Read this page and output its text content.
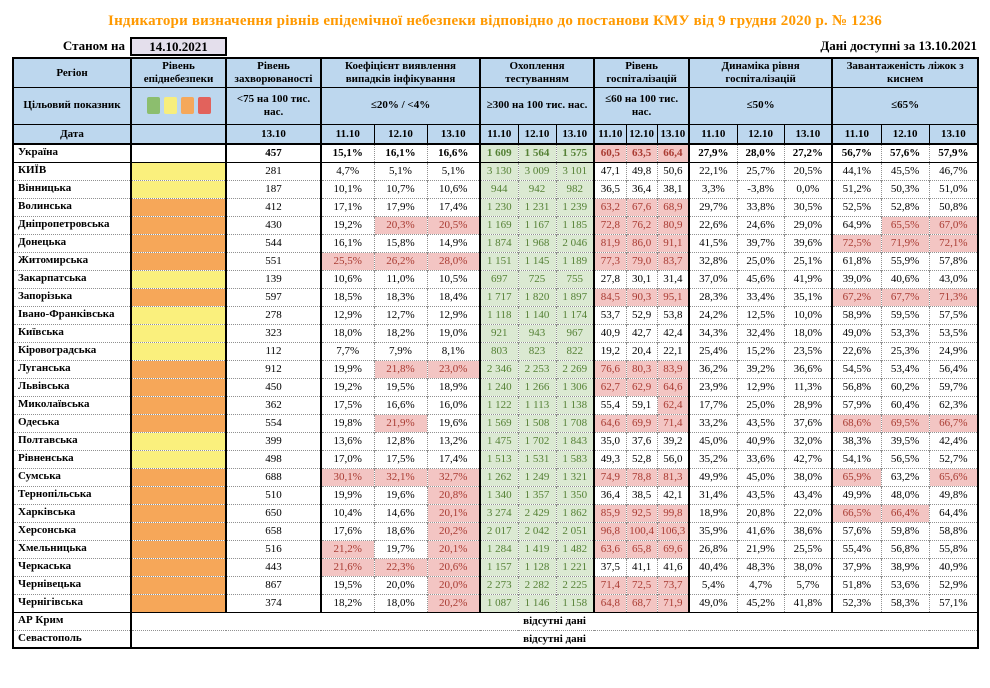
Індикатори визначення рівнів епідемічної небезпеки відповідно до постанови КМУ від 9 грудня 2020 р. № 1236
Станом на	14.10.2021	Дані доступні за 13.10.2021
Регіон	Рівень епіднебезпеки	Рівень захворюваності	Коефіцієнт виявлення випадків інфікування			Охоплення тестуванням			Рівень госпіталізацій			Динаміка рівня госпіталізацій			Завантаженість ліжок з киснем		
Цільовий показник		<75 на 100 тис. нас.	≤20% / <4%			≥300 на 100 тис. нас.			≤60 на 100 тис. нас.			≤50%			≤65%		
Дата		13.10	11.10	12.10	13.10	11.10	12.10	13.10	11.10	12.10	13.10	11.10	12.10	13.10	11.10	12.10	13.10
Україна		457	15,1%	16,1%	16,6%	1 609	1 564	1 575	60,5	63,5	66,4	27,9%	28,0%	27,2%	56,7%	57,6%	57,9%
КИЇВ		281	4,7%	5,1%	5,1%	3 130	3 009	3 101	47,1	49,8	50,6	22,1%	25,7%	20,5%	44,1%	45,5%	46,7%
Вінницька		187	10,1%	10,7%	10,6%	944	942	982	36,5	36,4	38,1	3,3%	-3,8%	0,0%	51,2%	50,3%	51,0%
Волинська		412	17,1%	17,9%	17,4%	1 230	1 231	1 239	63,2	67,6	68,9	29,7%	33,8%	30,5%	52,5%	52,8%	50,8%
Дніпропетровська		430	19,2%	20,3%	20,5%	1 169	1 167	1 185	72,8	76,2	80,9	22,6%	24,6%	29,0%	64,9%	65,5%	67,0%
Донецька		544	16,1%	15,8%	14,9%	1 874	1 968	2 046	81,9	86,0	91,1	41,5%	39,7%	39,6%	72,5%	71,9%	72,1%
Житомирська		551	25,5%	26,2%	28,0%	1 151	1 145	1 189	77,3	79,0	83,7	32,8%	25,0%	25,1%	61,8%	55,9%	57,8%
Закарпатська		139	10,6%	11,0%	10,5%	697	725	755	27,8	30,1	31,4	37,0%	45,6%	41,9%	39,0%	40,6%	43,0%
Запорізька		597	18,5%	18,3%	18,4%	1 717	1 820	1 897	84,5	90,3	95,1	28,3%	33,4%	35,1%	67,2%	67,7%	71,3%
Івано-Франківська		278	12,9%	12,7%	12,9%	1 118	1 140	1 174	53,7	52,9	53,8	24,2%	12,5%	10,0%	58,9%	59,5%	57,5%
Київська		323	18,0%	18,2%	19,0%	921	943	967	40,9	42,7	42,4	34,3%	32,4%	18,0%	49,0%	53,3%	53,5%
Кіровоградська		112	7,7%	7,9%	8,1%	803	823	822	19,2	20,4	22,1	25,4%	15,2%	23,5%	22,6%	25,3%	24,9%
Луганська		912	19,9%	21,8%	23,0%	2 346	2 253	2 269	76,6	80,3	83,9	36,2%	39,2%	36,6%	54,5%	53,4%	56,4%
Львівська		450	19,2%	19,5%	18,9%	1 240	1 266	1 306	62,7	62,9	64,6	23,9%	12,9%	11,3%	56,8%	60,2%	59,7%
Миколаївська		362	17,5%	16,6%	16,0%	1 122	1 113	1 138	55,4	59,1	62,4	17,7%	25,0%	28,9%	57,9%	60,4%	62,3%
Одеська		554	19,8%	21,9%	19,6%	1 569	1 508	1 708	64,6	69,9	71,4	33,2%	43,5%	37,6%	68,6%	69,5%	66,7%
Полтавська		399	13,6%	12,8%	13,2%	1 475	1 702	1 843	35,0	37,6	39,2	45,0%	40,9%	32,0%	38,3%	39,5%	42,4%
Рівненська		498	17,0%	17,5%	17,4%	1 513	1 531	1 583	49,3	52,8	56,0	35,2%	33,6%	42,7%	54,1%	56,5%	52,7%
Сумська		688	30,1%	32,1%	32,7%	1 262	1 249	1 321	74,9	78,8	81,3	49,9%	45,0%	38,0%	65,9%	63,2%	65,6%
Тернопільська		510	19,9%	19,6%	20,8%	1 340	1 357	1 350	36,4	38,5	42,1	31,4%	43,5%	43,4%	49,9%	48,0%	49,8%
Харківська		650	10,4%	14,6%	20,1%	3 274	2 429	1 862	85,9	92,5	99,8	18,9%	20,8%	22,0%	66,5%	66,4%	64,4%
Херсонська		658	17,6%	18,6%	20,2%	2 017	2 042	2 051	96,8	100,4	106,3	35,9%	41,6%	38,6%	57,6%	59,8%	58,8%
Хмельницька		516	21,2%	19,7%	20,1%	1 284	1 419	1 482	63,6	65,8	69,6	26,8%	21,9%	25,5%	55,4%	56,8%	55,8%
Черкаська		443	21,6%	22,3%	20,6%	1 157	1 128	1 221	37,5	41,1	41,6	40,4%	48,3%	38,0%	37,9%	38,9%	40,9%
Чернівецька		867	19,5%	20,0%	20,0%	2 273	2 282	2 225	71,4	72,5	73,7	5,4%	4,7%	5,7%	51,8%	53,6%	52,9%
Чернігівська		374	18,2%	18,0%	20,2%	1 087	1 146	1 158	64,8	68,7	71,9	49,0%	45,2%	41,8%	52,3%	58,3%	57,1%
АР Крим	відсутні дані																
Севастополь	відсутні дані																
